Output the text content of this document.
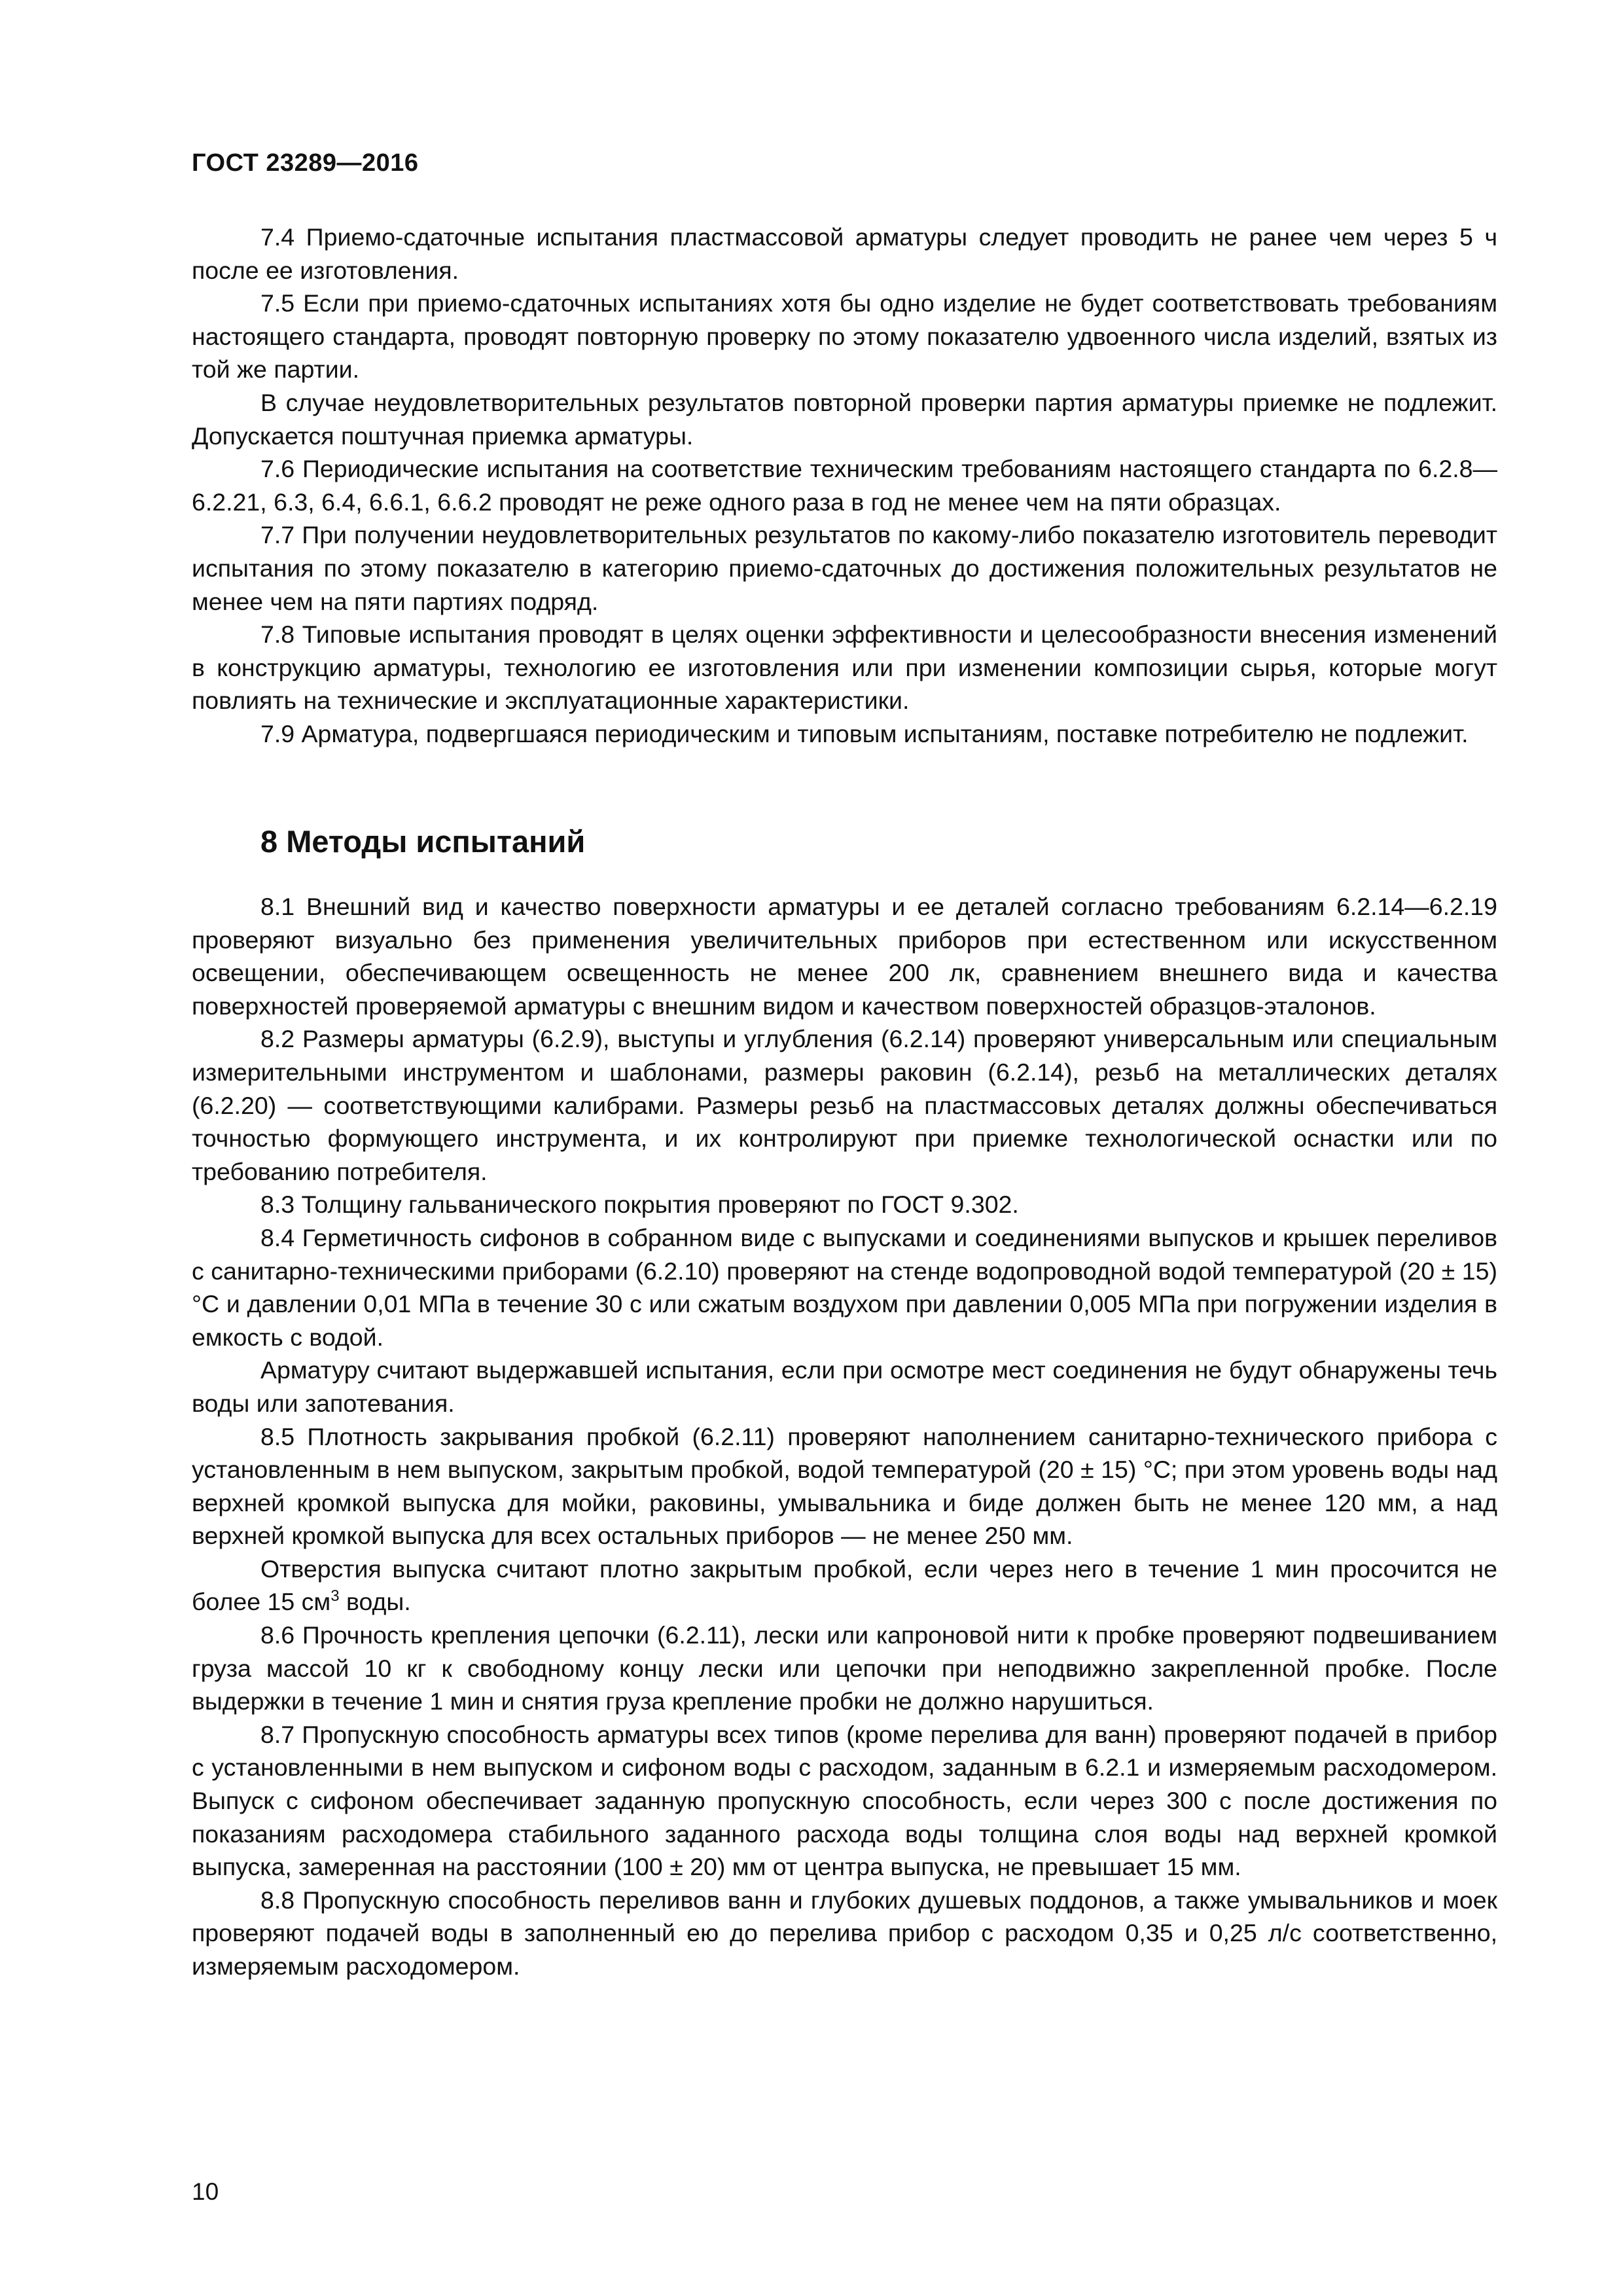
ГОСТ 23289—2016

7.4 Приемо-сдаточные испытания пластмассовой арматуры следует проводить не ранее чем через 5 ч после ее изготовления.

7.5 Если при приемо-сдаточных испытаниях хотя бы одно изделие не будет соответствовать требованиям настоящего стандарта, проводят повторную проверку по этому показателю удвоенного числа изделий, взятых из той же партии.

В случае неудовлетворительных результатов повторной проверки партия арматуры приемке не подлежит. Допускается поштучная приемка арматуры.

7.6 Периодические испытания на соответствие техническим требованиям настоящего стандарта по 6.2.8—6.2.21, 6.3, 6.4, 6.6.1, 6.6.2 проводят не реже одного раза в год не менее чем на пяти образцах.

7.7 При получении неудовлетворительных результатов по какому-либо показателю изготовитель переводит испытания по этому показателю в категорию приемо-сдаточных до достижения положительных результатов не менее чем на пяти партиях подряд.

7.8 Типовые испытания проводят в целях оценки эффективности и целесообразности внесения изменений в конструкцию арматуры, технологию ее изготовления или при изменении композиции сырья, которые могут повлиять на технические и эксплуатационные характеристики.

7.9 Арматура, подвергшаяся периодическим и типовым испытаниям, поставке потребителю не подлежит.

8 Методы испытаний

8.1 Внешний вид и качество поверхности арматуры и ее деталей согласно требованиям 6.2.14—6.2.19 проверяют визуально без применения увеличительных приборов при естественном или искусственном освещении, обеспечивающем освещенность не менее 200 лк, сравнением внешнего вида и качества поверхностей проверяемой арматуры с внешним видом и качеством поверхностей образцов-эталонов.

8.2 Размеры арматуры (6.2.9), выступы и углубления (6.2.14) проверяют универсальным или специальным измерительными инструментом и шаблонами, размеры раковин (6.2.14), резьб на металлических деталях (6.2.20) — соответствующими калибрами. Размеры резьб на пластмассовых деталях должны обеспечиваться точностью формующего инструмента, и их контролируют при приемке технологической оснастки или по требованию потребителя.

8.3 Толщину гальванического покрытия проверяют по ГОСТ 9.302.

8.4 Герметичность сифонов в собранном виде с выпусками и соединениями выпусков и крышек переливов с санитарно-техническими приборами (6.2.10) проверяют на стенде водопроводной водой температурой (20 ± 15) °С и давлении 0,01 МПа в течение 30 с или сжатым воздухом при давлении 0,005 МПа при погружении изделия в емкость с водой.

Арматуру считают выдержавшей испытания, если при осмотре мест соединения не будут обнаружены течь воды или запотевания.

8.5 Плотность закрывания пробкой (6.2.11) проверяют наполнением санитарно-технического прибора с установленным в нем выпуском, закрытым пробкой, водой температурой (20 ± 15) °С; при этом уровень воды над верхней кромкой выпуска для мойки, раковины, умывальника и биде должен быть не менее 120 мм, а над верхней кромкой выпуска для всех остальных приборов — не менее 250 мм.

Отверстия выпуска считают плотно закрытым пробкой, если через него в течение 1 мин просочится не более 15 $см^3$ воды.

8.6 Прочность крепления цепочки (6.2.11), лески или капроновой нити к пробке проверяют подвешиванием груза массой 10 кг к свободному концу лески или цепочки при неподвижно закрепленной пробке. После выдержки в течение 1 мин и снятия груза крепление пробки не должно нарушиться.

8.7 Пропускную способность арматуры всех типов (кроме перелива для ванн) проверяют подачей в прибор с установленными в нем выпуском и сифоном воды с расходом, заданным в 6.2.1 и измеряемым расходомером. Выпуск с сифоном обеспечивает заданную пропускную способность, если через 300 с после достижения по показаниям расходомера стабильного заданного расхода воды толщина слоя воды над верхней кромкой выпуска, замеренная на расстоянии (100 ± 20) мм от центра выпуска, не превышает 15 мм.

8.8 Пропускную способность переливов ванн и глубоких душевых поддонов, а также умывальников и моек проверяют подачей воды в заполненный ею до перелива прибор с расходом 0,35 и 0,25 л/с соответственно, измеряемым расходомером.

10
